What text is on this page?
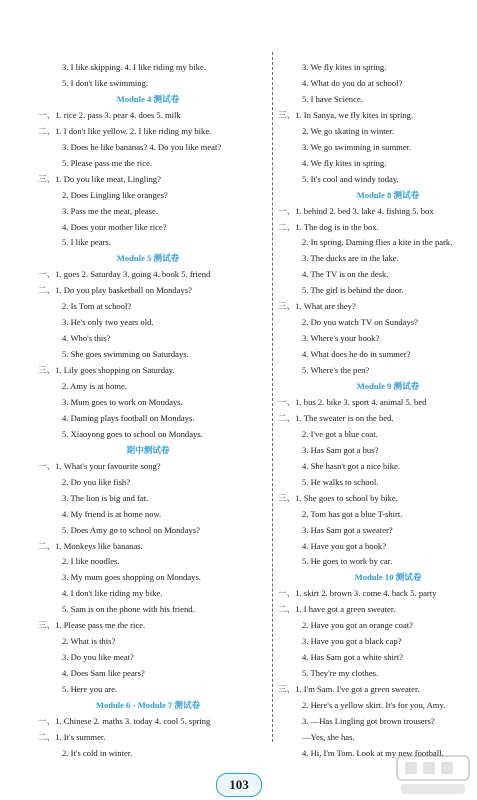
3. I like skipping. 4. I like riding my bike.
5. I don't like swimming.
Module 4 测试卷
一、1. rice 2. pass 3. pear 4. does 5. milk
二、1. I don't like yellow. 2. I like riding my bike.
3. Does he like bananas? 4. Do you like meat?
5. Please pass me the rice.
三、1. Do you like meat, Lingling?
2. Does Lingling like oranges?
3. Pass me the meat, please.
4. Does your mother like rice?
5. I like pears.
Module 5 测试卷
一、1. goes 2. Saturday 3. going 4. book 5. friend
二、1. Do you play basketball on Mondays?
2. Is Tom at school?
3. He's only two years old.
4. Who's this?
5. She goes swimming on Saturdays.
三、1. Lily goes shopping on Saturday.
2. Amy is at home.
3. Mum goes to work on Mondays.
4. Daming plays football on Mondays.
5. Xiaoyong goes to school on Mondays.
期中测试卷
一、1. What's your favourite song?
2. Do you like fish?
3. The lion is big and fat.
4. My friend is at home now.
5. Does Amy go to school on Mondays?
二、1. Monkeys like bananas.
2. I like noodles.
3. My mum goes shopping on Mondays.
4. I don't like riding my bike.
5. Sam is on the phone with his friend.
三、1. Please pass me the rice.
2. What is this?
3. Do you like meat?
4. Does Sam like pears?
5. Here you are.
Module 6 - Module 7 测试卷
一、1. Chinese 2. maths 3. today 4. cool 5. spring
二、1. It's summer.
2. It's cold in winter.
3. We fly kites in spring.
4. What do you do at school?
5. I have Science.
三、1. In Sanya, we fly kites in spring.
2. We go skating in winter.
3. We go swimming in summer.
4. We fly kites in spring.
5. It's cool and windy today.
Module 8 测试卷
一、1. behind 2. bed 3. lake 4. fishing 5. box
二、1. The dog is in the box.
2. In spring, Daming flies a kite in the park.
3. The ducks are in the lake.
4. The TV is on the desk.
5. The girl is behind the door.
三、1. What are they?
2. Do you watch TV on Sundays?
3. Where's your book?
4. What does he do in summer?
5. Where's the pen?
Module 9 测试卷
一、1. bus 2. bike 3. sport 4. animal 5. bed
二、1. The sweater is on the bed.
2. I've got a blue coat.
3. Has Sam got a bus?
4. She hasn't got a nice bike.
5. He walks to school.
三、1. She goes to school by bike.
2. Tom has got a blue T-shirt.
3. Has Sam got a sweater?
4. Have you got a book?
5. He goes to work by car.
Module 10 测试卷
一、1. skirt 2. brown 3. come 4. back 5. party
二、1. I have got a green sweater.
2. Have you got an orange coat?
3. Have you got a black cap?
4. Has Sam got a white shirt?
5. They're my clothes.
三、1. I'm Sam. I've got a green sweater.
2. Here's a yellow skirt. It's for you, Amy.
3. —Has Lingling got brown trousers?
—Yes, she has.
4. Hi, I'm Tom. Look at my new football.
103
